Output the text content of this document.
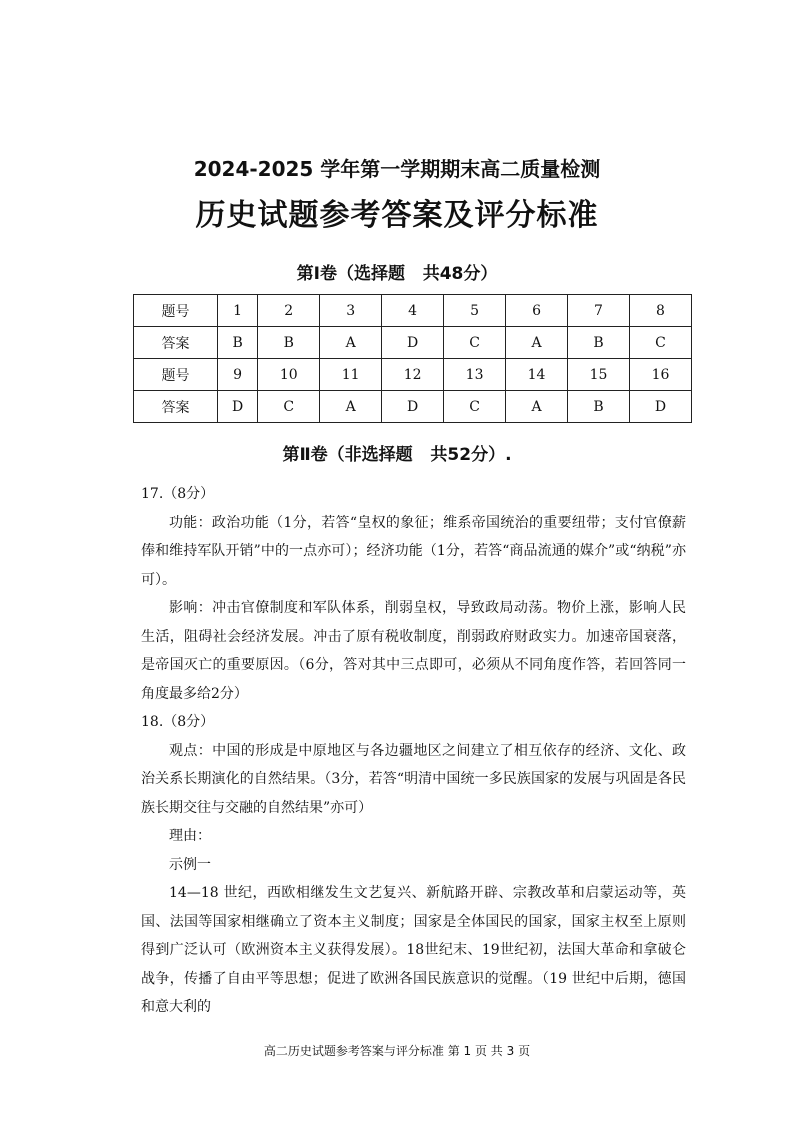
2024-2025 学年第一学期期末高二质量检测
历史试题参考答案及评分标准
第Ⅰ卷（选择题   共48分）
题号	1	2	3	4	5	6	7	8
答案	B	B	A	D	C	A	B	C
题号	9	10	11	12	13	14	15	16
答案	D	C	A	D	C	A	B	D
第Ⅱ卷（非选择题   共52分）.

17.（8分）

功能：政治功能（1分，若答“皇权的象征；维系帝国统治的重要纽带；支付官僚薪俸和维持军队开销”中的一点亦可）；经济功能（1分，若答“商品流通的媒介”或“纳税”亦可）。

影响：冲击官僚制度和军队体系，削弱皇权，导致政局动荡。物价上涨，影响人民生活，阻碍社会经济发展。冲击了原有税收制度，削弱政府财政实力。加速帝国衰落，是帝国灭亡的重要原因。（6分，答对其中三点即可，必须从不同角度作答，若回答同一角度最多给2分）

18.（8分）

观点：中国的形成是中原地区与各边疆地区之间建立了相互依存的经济、文化、政治关系长期演化的自然结果。（3分，若答“明清中国统一多民族国家的发展与巩固是各民族长期交往与交融的自然结果”亦可）

理由：

示例一

14—18 世纪，西欧相继发生文艺复兴、新航路开辟、宗教改革和启蒙运动等，英国、法国等国家相继确立了资本主义制度；国家是全体国民的国家，国家主权至上原则得到广泛认可（欧洲资本主义获得发展）。18世纪末、19世纪初，法国大革命和拿破仑战争，传播了自由平等思想；促进了欧洲各国民族意识的觉醒。（19 世纪中后期，德国和意大利的

高二历史试题参考答案与评分标准 第 1 页 共 3 页
